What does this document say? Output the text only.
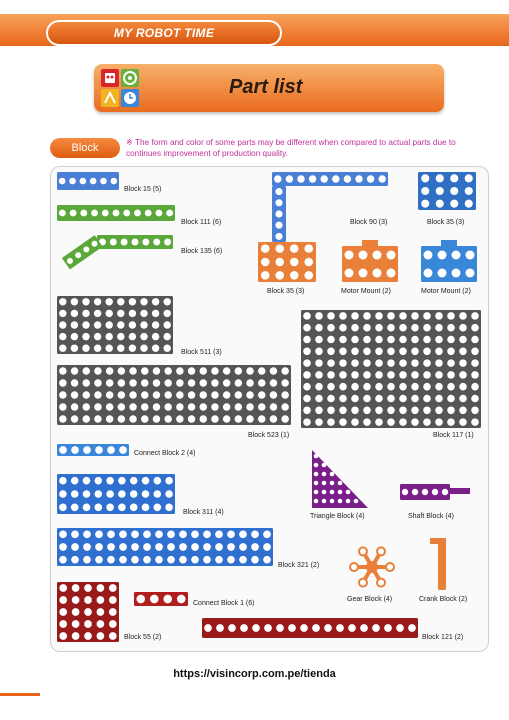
MY ROBOT TIME
Part list
Block	※ The form and color of some parts may be different when compared to actual parts due to continues improvement of production quality.
Block 15 (5)
Block 111 (6)
Block 135 (6)
Block 90 (3)	Block 35 (3)
Block 35 (3)	Motor Mount (2)	Motor Mount (2)
Block 511 (3)
Block 523 (1)	Block 117 (1)
Connect Block 2 (4)
Block 311 (4)
Triangle Block (4)	Shaft Block (4)
Block 321 (2)
Gear Block (4)	Crank Block (2)
Connect Block 1 (6)
Block 55 (2)	Block 121 (2)
https://visincorp.com.pe/tienda
